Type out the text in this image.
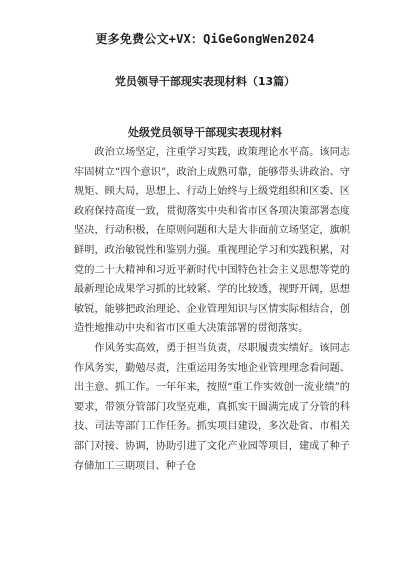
更多免费公文+VX：QiGeGongWen2024
党员领导干部现实表现材料（13篇）
处级党员领导干部现实表现材料

政治立场坚定，注重学习实践，政策理论水平高。该同志牢固树立“四个意识”，政治上成熟可靠，能够带头讲政治、守规矩、顾大局，思想上、行动上始终与上级党组织和区委、区政府保持高度一致，贯彻落实中央和省市区各项决策部署态度坚决，行动积极，在原则问题和大是大非面前立场坚定，旗帜鲜明，政治敏锐性和鉴别力强。重视理论学习和实践积累，对党的二十大精神和习近平新时代中国特色社会主义思想等党的最新理论成果学习抓的比较紧、学的比较透，视野开阔，思想敏锐，能够把政治理论、企业管理知识与区情实际相结合，创造性地推动中央和省市区重大决策部署的贯彻落实。

作风务实高效，勇于担当负责，尽职履责实绩好。该同志作风务实，勤勉尽责，注重运用务实地企业管理理念看问题、出主意、抓工作。一年年来，按照“重工作实效创一流业绩”的要求，带领分管部门攻坚克难，真抓实干圆满完成了分管的科技、司法等部门工作任务。抓实项目建设，多次赴省、市相关部门对接、协调，协助引进了文化产业园等项目，建成了种子存储加工三期项目、种子仓
